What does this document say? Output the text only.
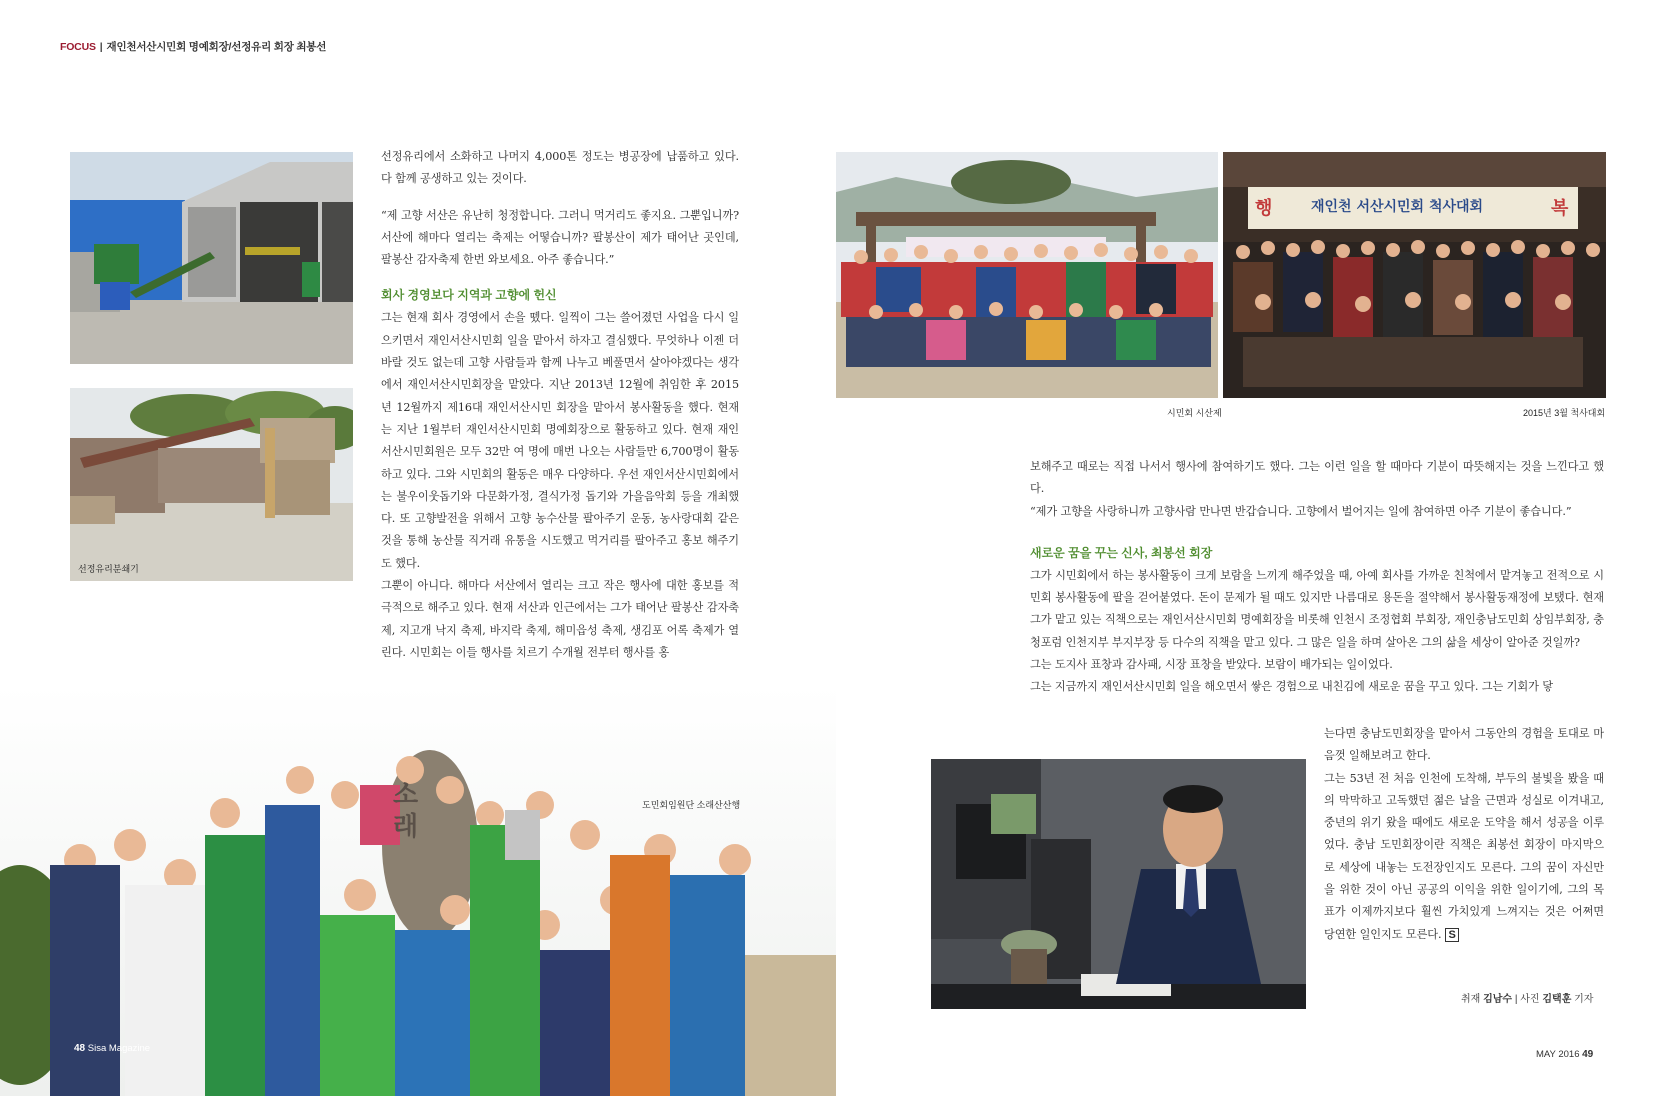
FOCUS | 재인천서산시민회 명예회장/선정유리 회장 최봉선
선정유리분쇄기

선정유리에서 소화하고 나머지 4,000톤 정도는 병공장에 납품하고 있다. 다 함께 공생하고 있는 것이다.

“제 고향 서산은 유난히 청정합니다. 그러니 먹거리도 좋지요. 그뿐입니까? 서산에 해마다 열리는 축제는 어떻습니까? 팔봉산이 제가 태어난 곳인데, 팔봉산 감자축제 한번 와보세요. 아주 좋습니다.”

회사 경영보다 지역과 고향에 헌신

그는 현재 회사 경영에서 손을 뗐다. 일찍이 그는 쓸어졌던 사업을 다시 일으키면서 재인서산시민회 일을 맡아서 하자고 결심했다. 무엇하나 이젠 더 바랄 것도 없는데 고향 사람들과 함께 나누고 베풀면서 살아야겠다는 생각에서 재인서산시민회장을 맡았다. 지난 2013년 12월에 취임한 후 2015년 12월까지 제16대 재인서산시민 회장을 맡아서 봉사활동을 했다. 현재는 지난 1월부터 재인서산시민회 명예회장으로 활동하고 있다. 현재 재인서산시민회원은 모두 32만 여 명에 매번 나오는 사람들만 6,700명이 활동하고 있다. 그와 시민회의 활동은 매우 다양하다. 우선 재인서산시민회에서는 불우이웃돕기와 다문화가정, 결식가정 돕기와 가을음악회 등을 개최했다. 또 고향발전을 위해서 고향 농수산물 팔아주기 운동, 농사랑대회 같은 것을 통해 농산물 직거래 유통을 시도했고 먹거리를 팔아주고 홍보 해주기도 했다.

그뿐이 아니다. 해마다 서산에서 열리는 크고 작은 행사에 대한 홍보를 적극적으로 해주고 있다. 현재 서산과 인근에서는 그가 태어난 팔봉산 감자축제, 지고개 낙지 축제, 바지락 축제, 해미읍성 축제, 생김포 어록 축제가 열린다. 시민회는 이들 행사를 치르기 수개월 전부터 행사를 홍

소래	도민회임원단 소래산산행
48 Sisa Magazine
행	재인천 서산시민회 척사대회	복
시민회 시산제	2015년 3월 척사대회

보해주고 때로는 직접 나서서 행사에 참여하기도 했다. 그는 이런 일을 할 때마다 기분이 따뜻해지는 것을 느낀다고 했다.

“제가 고향을 사랑하니까 고향사람 만나면 반갑습니다. 고향에서 벌어지는 일에 참여하면 아주 기분이 좋습니다.”

새로운 꿈을 꾸는 신사, 최봉선 회장

그가 시민회에서 하는 봉사활동이 크게 보람을 느끼게 해주었을 때, 아예 회사를 가까운 친척에서 맡겨놓고 전적으로 시민회 봉사활동에 팔을 걷어붙였다. 돈이 문제가 될 때도 있지만 나름대로 용돈을 절약해서 봉사활동재정에 보탰다. 현재 그가 맡고 있는 직책으로는 재인서산시민회 명예회장을 비롯해 인천시 조정협회 부회장, 재인충남도민회 상임부회장, 충청포럼 인천지부 부지부장 등 다수의 직책을 맡고 있다. 그 많은 일을 하며 살아온 그의 삶을 세상이 알아준 것일까?

그는 도지사 표창과 감사패, 시장 표창을 받았다. 보람이 배가되는 일이었다.

그는 지금까지 재인서산시민회 일을 해오면서 쌓은 경험으로 내친김에 새로운 꿈을 꾸고 있다. 그는 기회가 닿

는다면 충남도민회장을 맡아서 그동안의 경험을 토대로 마음껏 일해보려고 한다.

그는 53년 전 처음 인천에 도착해, 부두의 불빛을 봤을 때의 막막하고 고독했던 젊은 날을 근면과 성실로 이겨내고, 중년의 위기 왔을 때에도 새로운 도약을 해서 성공을 이루었다. 충남 도민회장이란 직책은 최봉선 회장이 마지막으로 세상에 내놓는 도전장인지도 모른다. 그의 꿈이 자신만을 위한 것이 아닌 공공의 이익을 위한 일이기에, 그의 목표가 이제까지보다 훨씬 가치있게 느껴지는 것은 어쩌면 당연한 일인지도 모른다. S

취재 김남수 | 사진 김택훈 기자
MAY 2016 49
